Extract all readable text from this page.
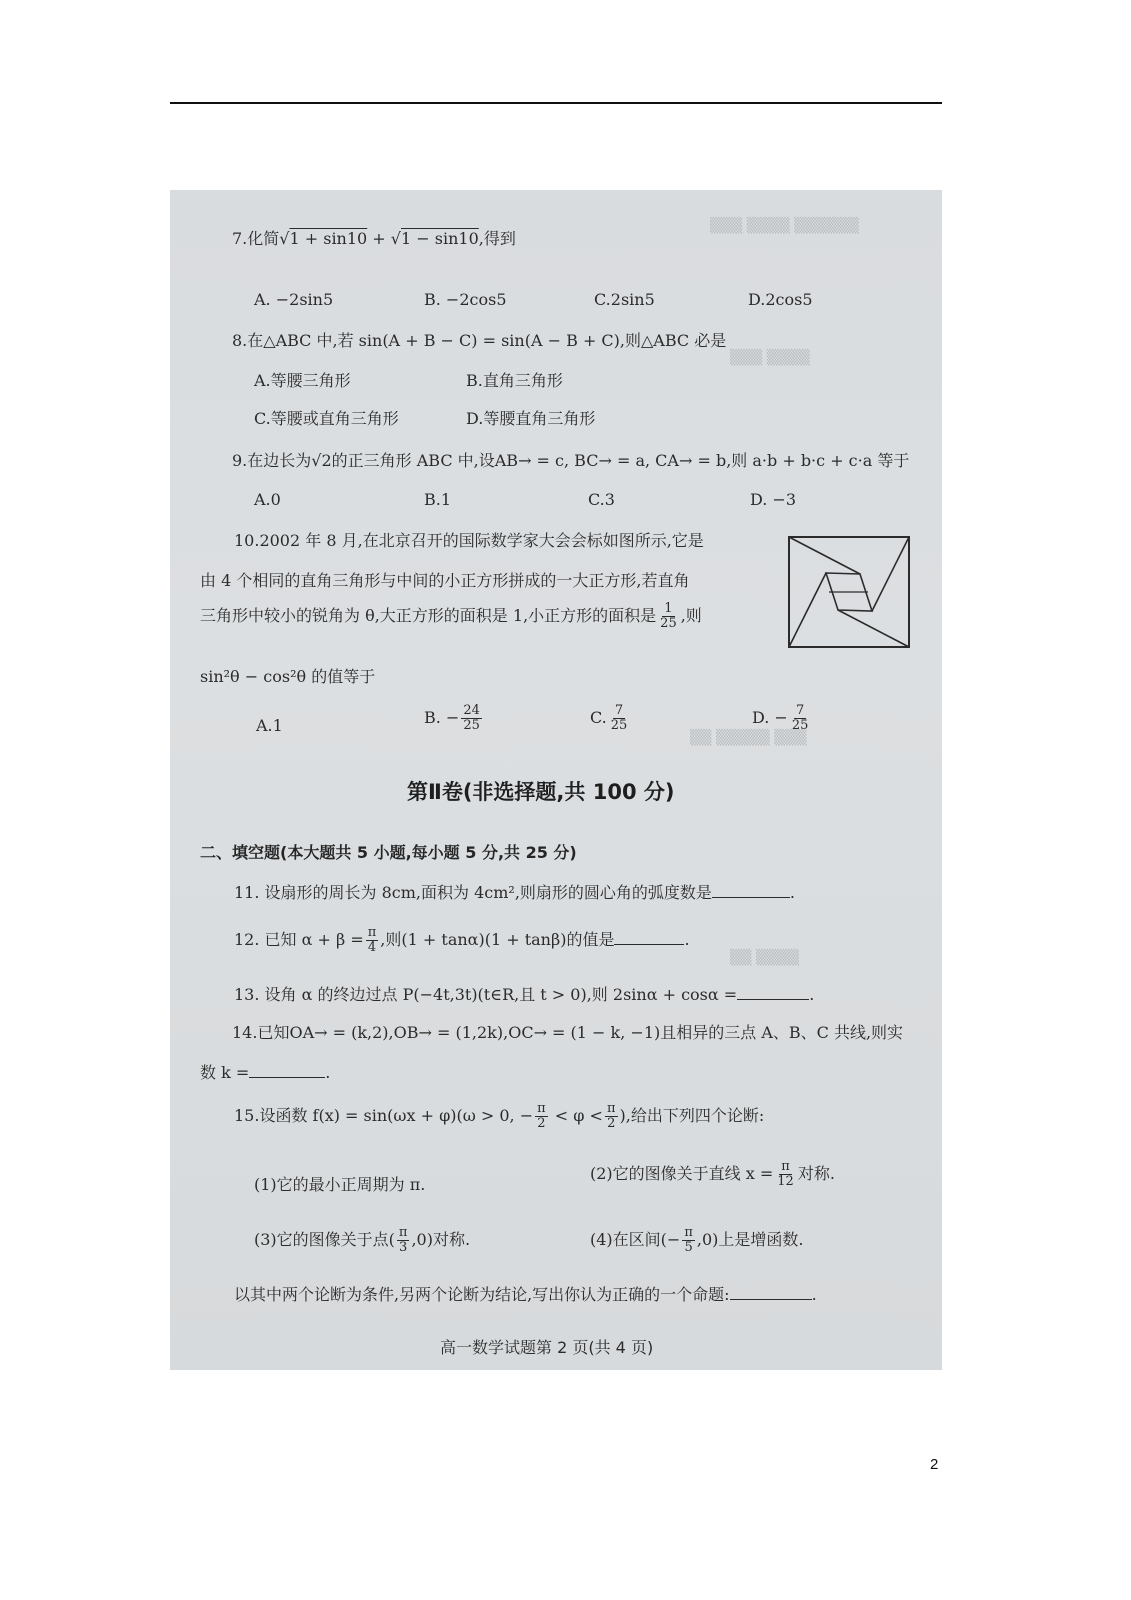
▒▒▒ ▒▒▒▒ ▒▒▒▒▒▒
▒▒▒ ▒▒▒▒
▒▒ ▒▒▒▒▒ ▒▒▒
▒▒ ▒▒▒▒
7.化简√1 + sin10 + √1 − sin10,得到
A. −2sin5	B. −2cos5	C.2sin5	D.2cos5
8.在△ABC 中,若 sin(A + B − C) = sin(A − B + C),则△ABC 必是
A.等腰三角形	B.直角三角形
C.等腰或直角三角形	D.等腰直角三角形
9.在边长为√2的正三角形 ABC 中,设AB→ = c, BC→ = a, CA→ = b,则 a·b + b·c + c·a 等于
A.0	B.1	C.3	D. −3
10.2002 年 8 月,在北京召开的国际数学家大会会标如图所示,它是
由 4 个相同的直角三角形与中间的小正方形拼成的一大正方形,若直角
三角形中较小的锐角为 θ,大正方形的面积是 1,小正方形的面积是 $\frac{1}{25}$ ,则
sin²θ − cos²θ 的值等于
A.1	B. − $\frac{24}{25}$	C. $\frac{7}{25}$	D. − $\frac{7}{25}$
第Ⅱ卷(非选择题,共 100 分)
二、填空题(本大题共 5 小题,每小题 5 分,共 25 分)
11. 设扇形的周长为 8cm,面积为 4cm²,则扇形的圆心角的弧度数是	.
12. 已知 $\alpha + \beta = \frac{\pi}{4}$ ,则(1 + tanα)(1 + tanβ)的值是	.
13. 设角 α 的终边过点 P(−4t,3t)(t∈R,且 t > 0),则 2sinα + cosα =	.
14.已知OA→ = (k,2),OB→ = (1,2k),OC→ = (1 − k, −1)且相异的三点 A、B、C 共线,则实
数 k =	.
15.设函数 f(x) = sin(ωx + φ)(ω > 0, − $\frac{\pi}{2} < \varphi < \frac{\pi}{2}$ ),给出下列四个论断:
(1)它的最小正周期为 π.
(2)它的图像关于直线 $x = \frac{\pi}{12}$ 对称.
(3)它的图像关于点( $\frac{\pi}{3} ,0$)对称.	(4)在区间(− $\frac{\pi}{5} ,0$)上是增函数.
以其中两个论断为条件,另两个论断为结论,写出你认为正确的一个命题:	.
高一数学试题第 2 页(共 4 页)
2
